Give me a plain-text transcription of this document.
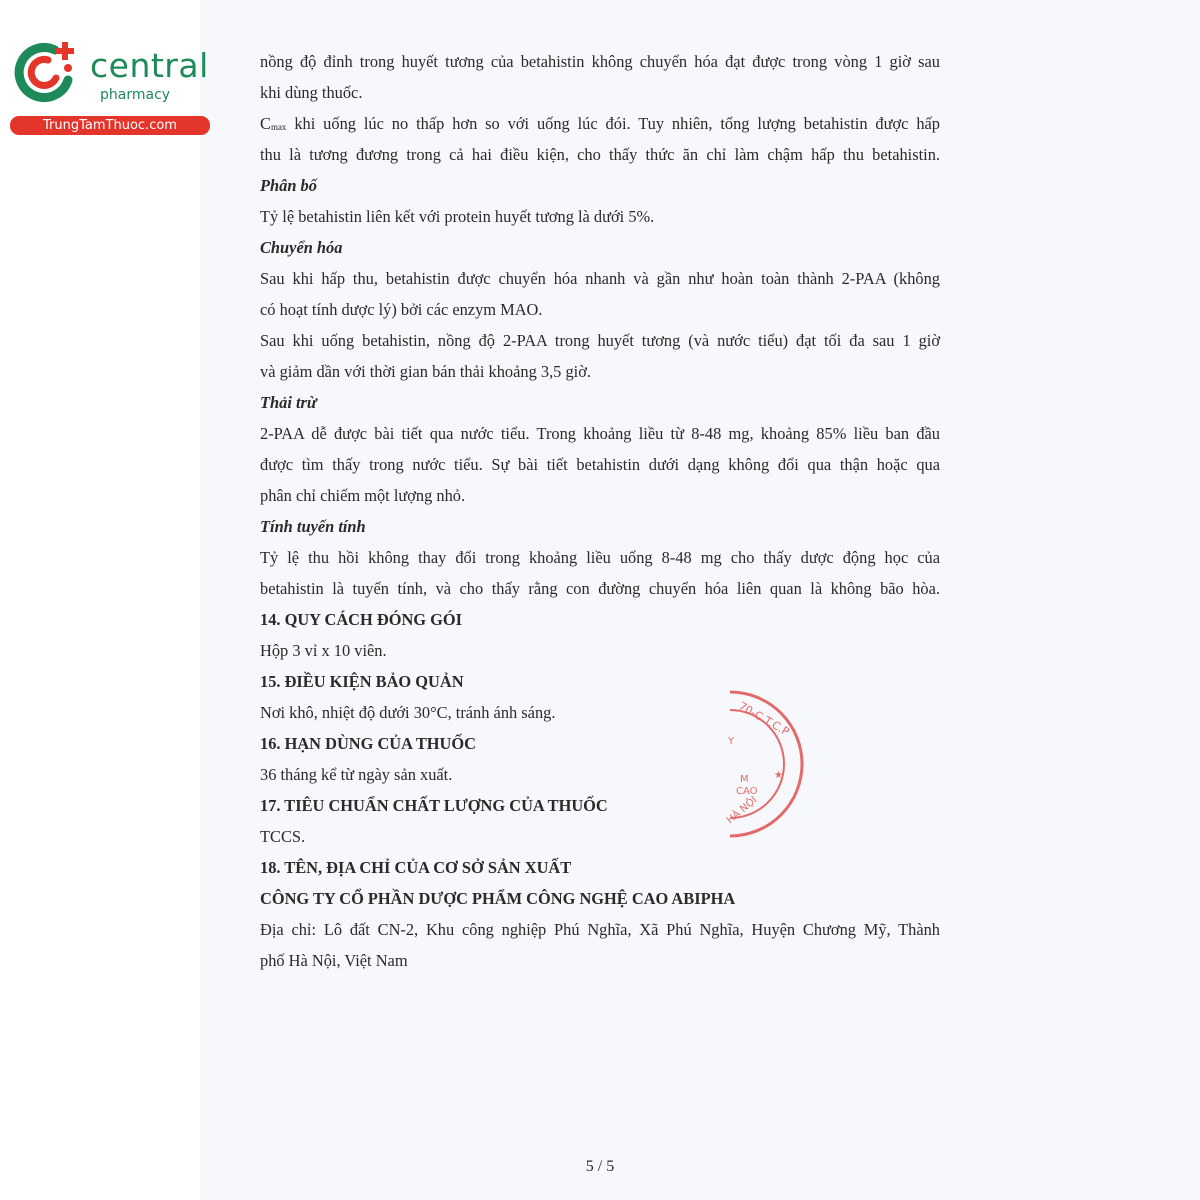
central
pharmacy
TrungTamThuoc.com
nồng độ đỉnh trong huyết tương của betahistin không chuyển hóa đạt được trong vòng 1 giờ sau
khi dùng thuốc.
$C_{max}$ khi uống lúc no thấp hơn so với uống lúc đói. Tuy nhiên, tổng lượng betahistin được hấp
thu là tương đương trong cả hai điều kiện, cho thấy thức ăn chỉ làm chậm hấp thu betahistin.
Phân bố
Tỷ lệ betahistin liên kết với protein huyết tương là dưới 5%.
Chuyển hóa
Sau khi hấp thu, betahistin được chuyển hóa nhanh và gần như hoàn toàn thành 2-PAA (không
có hoạt tính dược lý) bởi các enzym MAO.
Sau khi uống betahistin, nồng độ 2-PAA trong huyết tương (và nước tiểu) đạt tối đa sau 1 giờ
và giảm dần với thời gian bán thải khoảng 3,5 giờ.
Thải trừ
2-PAA dễ được bài tiết qua nước tiểu. Trong khoảng liều từ 8-48 mg, khoảng 85% liều ban đầu
được tìm thấy trong nước tiểu. Sự bài tiết betahistin dưới dạng không đổi qua thận hoặc qua
phân chỉ chiếm một lượng nhỏ.
Tính tuyến tính
Tỷ lệ thu hồi không thay đổi trong khoảng liều uống 8-48 mg cho thấy dược động học của
betahistin là tuyến tính, và cho thấy rằng con đường chuyển hóa liên quan là không bão hòa.
14. QUY CÁCH ĐÓNG GÓI
Hộp 3 vỉ x 10 viên.
15. ĐIỀU KIỆN BẢO QUẢN
Nơi khô, nhiệt độ dưới 30°C, tránh ánh sáng.
16. HẠN DÙNG CỦA THUỐC
36 tháng kể từ ngày sản xuất.
17. TIÊU CHUẨN CHẤT LƯỢNG CỦA THUỐC
TCCS.
18. TÊN, ĐỊA CHỈ CỦA CƠ SỞ SẢN XUẤT
CÔNG TY CỔ PHẦN DƯỢC PHẨM CÔNG NGHỆ CAO ABIPHA
Địa chỉ: Lô đất CN-2, Khu công nghiệp Phú Nghĩa, Xã Phú Nghĩa, Huyện Chương Mỹ, Thành
phố Hà Nội, Việt Nam
70-C.T.C.P
Y
M
CAO
HÀ NỘI
★
5 / 5
